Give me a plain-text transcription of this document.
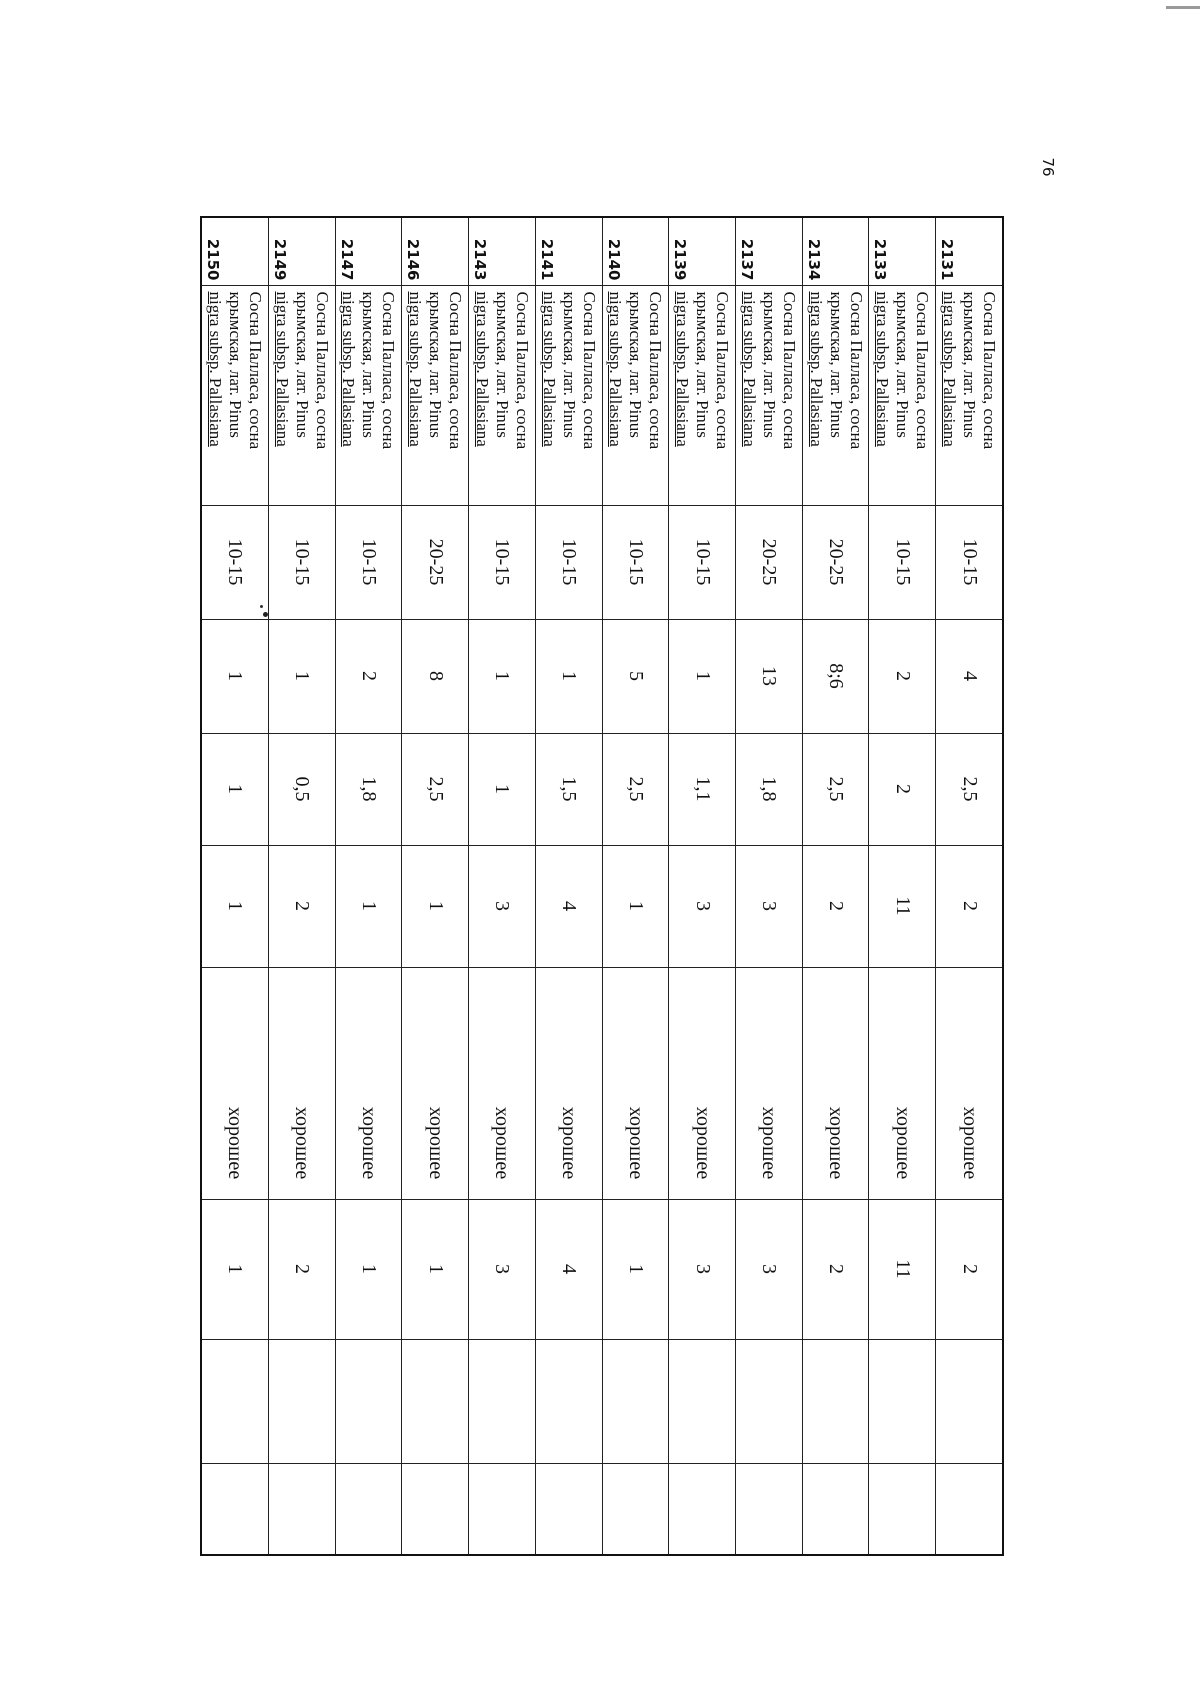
76
2131	Сосна Палласа, сосна
крымская, лат. Pinus
nigra subsp. Pallasiana	10-15	4	2,5	2	хорошее	2		
2133	Сосна Палласа, сосна
крымская, лат. Pinus
nigra subsp. Pallasiana	10-15	2	2	11	хорошее	11		
2134	Сосна Палласа, сосна
крымская, лат. Pinus
nigra subsp. Pallasiana	20-25	8;6	2,5	2	хорошее	2		
2137	Сосна Палласа, сосна
крымская, лат. Pinus
nigra subsp. Pallasiana	20-25	13	1,8	3	хорошее	3		
2139	Сосна Палласа, сосна
крымская, лат. Pinus
nigra subsp. Pallasiana	10-15	1	1,1	3	хорошее	3		
2140	Сосна Палласа, сосна
крымская, лат. Pinus
nigra subsp. Pallasiana	10-15	5	2,5	1	хорошее	1		
2141	Сосна Палласа, сосна
крымская, лат. Pinus
nigra subsp. Pallasiana	10-15	1	1,5	4	хорошее	4		
2143	Сосна Палласа, сосна
крымская, лат. Pinus
nigra subsp. Pallasiana	10-15	1	1	3	хорошее	3		
2146	Сосна Палласа, сосна
крымская, лат. Pinus
nigra subsp. Pallasiana	20-25	8	2,5	1	хорошее	1		
2147	Сосна Палласа, сосна
крымская, лат. Pinus
nigra subsp. Pallasiana	10-15	2	1,8	1	хорошее	1		
2149	Сосна Палласа, сосна
крымская, лат. Pinus
nigra subsp. Pallasiana	10-15	1	0,5	2	хорошее	2		
2150	Сосна Палласа, сосна
крымская, лат. Pinus
nigra subsp. Pallasiana	10-15	1	1	1	хорошее	1		
